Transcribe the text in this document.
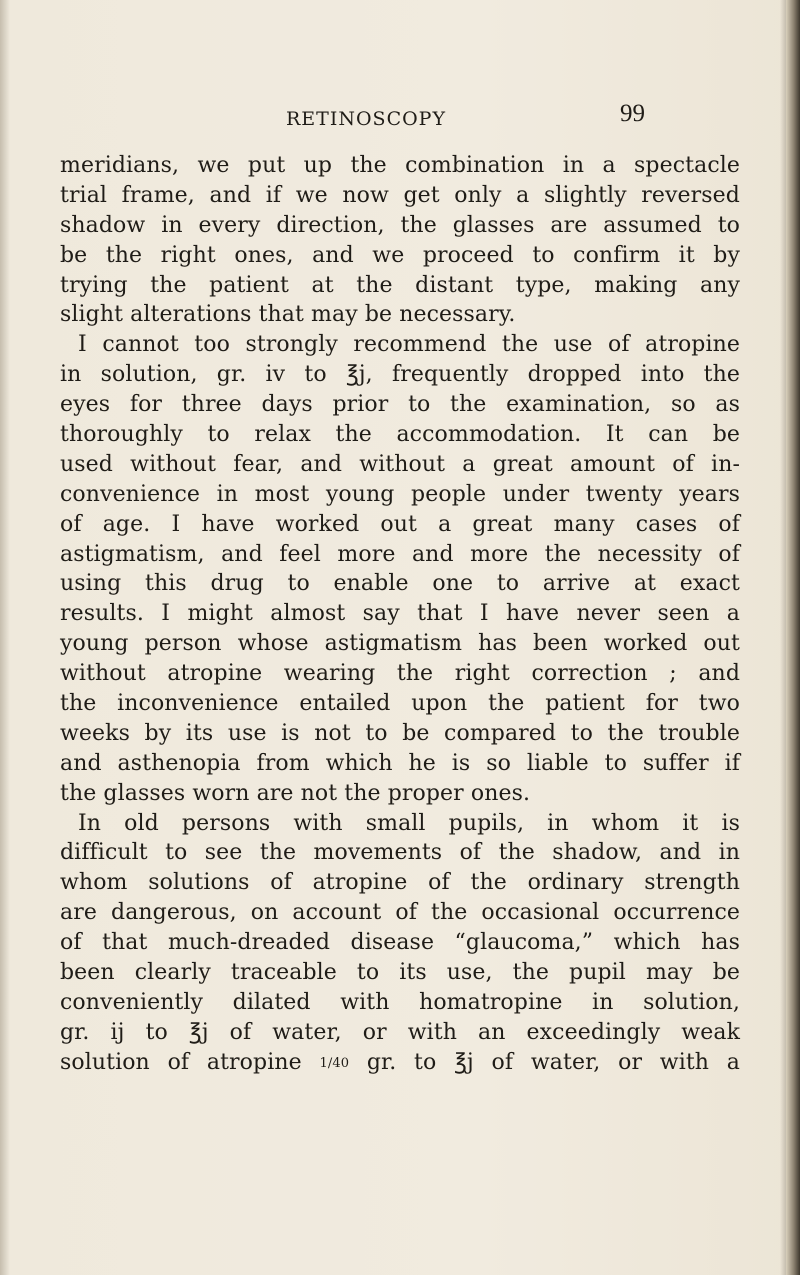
RETINOSCOPY	99
meridians, we put up the combination in a spectacle
trial frame, and if we now get only a slightly reversed
shadow in every direction, the glasses are assumed to
be the right ones, and we proceed to confirm it by
trying the patient at the distant type, making any
slight alterations that may be necessary.
I cannot too strongly recommend the use of atropine
in solution, gr. iv to ℥j, frequently dropped into the
eyes for three days prior to the examination, so as
thoroughly to relax the accommodation. It can be
used without fear, and without a great amount of in-
convenience in most young people under twenty years
of age. I have worked out a great many cases of
astigmatism, and feel more and more the necessity of
using this drug to enable one to arrive at exact
results. I might almost say that I have never seen a
young person whose astigmatism has been worked out
without atropine wearing the right correction ; and
the inconvenience entailed upon the patient for two
weeks by its use is not to be compared to the trouble
and asthenopia from which he is so liable to suffer if
the glasses worn are not the proper ones.
In old persons with small pupils, in whom it is
difficult to see the movements of the shadow, and in
whom solutions of atropine of the ordinary strength
are dangerous, on account of the occasional occurrence
of that much-dreaded disease “glaucoma,” which has
been clearly traceable to its use, the pupil may be
conveniently dilated with homatropine in solution,
gr. ij to ℥j of water, or with an exceedingly weak
solution of atropine 1/40 gr. to ℥j of water, or with a
